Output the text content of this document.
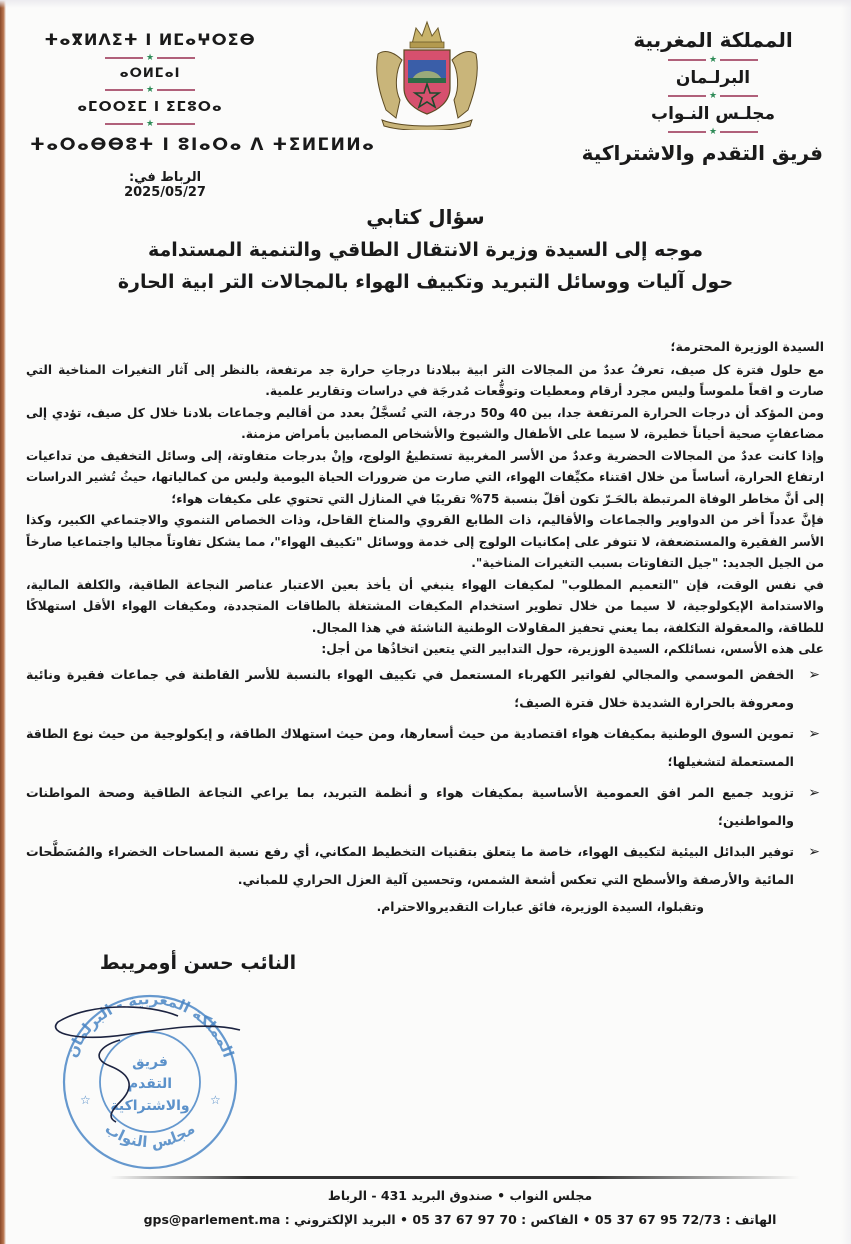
المملكة المغربية
★
البرلـمان
★
مجلـس النـواب
★
فريق التقدم والاشتراكية
ⵜⴰⴳⵍⴷⵉⵜ ⵏ ⵍⵎⴰⵖⵔⵉⴱ
★
ⴰⵔⵍⵎⴰⵏ
★
ⴰⵎⵔⵔⵉⵎ ⵏ ⵉⵎⵓⵔⴰ
★
ⵜⴰⵔⴰⴱⴱⵓⵜ ⵏ ⵓⵏⴰⵔⴰ ⴷ ⵜⵉⵍⵎⵍⵍⴰ
الرباط في: 2025/05/27
سؤال كتابي
موجه إلى السيدة وزيرة الانتقال الطاقي والتنمية المستدامة
حول آليات ووسائل التبريد وتكييف الهواء بالمجالات التر ابية الحارة

السيدة الوزيرة المحترمة؛

مع حلول فترة كل صيف، تعرفُ عددٌ من المجالات التر ابية ببلادنا درجاتِ حرارة جد مرتفعة، بالنظر إلى آثار التغيرات المناخية التي صارت و اقعاً ملموساً وليس مجرد أرقام ومعطيات وتوقُّعات مُدرجَة في دراسات وتقارير علمية.

ومن المؤكد أن درجات الحرارة المرتفعة جدا، بين 40 و50 درجة، التي تُسجَّلُ بعدد من أقاليم وجماعات بلادنا خلال كل صيف، تؤدي إلى مضاعفاتٍ صحية أحياناً خطيرة، لا سيما على الأطفال والشيوخ والأشخاص المصابين بأمراض مزمنة.

وإذا كانت عددٌ من المجالات الحضرية وعددٌ من الأسر المغربية تستطيعُ الولوج، وإنْ بدرجات متفاوتة، إلى وسائل التخفيف من تداعيات ارتفاع الحرارة، أساساً من خلال اقتناء مكيِّفات الهواء، التي صارت من ضرورات الحياة اليومية وليس من كمالياتها، حيثُ تُشير الدراسات إلى أنَّ مخاطر الوفاة المرتبطة بالحَـرّ تكون أقلّ بنسبة 75% تقريبًا في المنازل التي تحتوي على مكيفات هواء؛

فإنَّ عدداً أخر من الدواوير والجماعات والأقاليم، ذات الطابع القروي والمناخ القاحل، وذات الخصاص التنموي والاجتماعي الكبير، وكذا الأسر الفقيرة والمستضعفة، لا تتوفر على إمكانيات الولوج إلى خدمة ووسائل "تكييف الهواء"، مما يشكل تفاوتاً مجاليا واجتماعيا صارخاً من الجيل الجديد: "جيل التفاوتات بسبب التغيرات المناخية".

في نفس الوقت، فإن "التعميم المطلوب" لمكيفات الهواء ينبغي أن يأخذ بعين الاعتبار عناصر النجاعة الطاقية، والكلفة المالية، والاستدامة الإيكولوجية، لا سيما من خلال تطوير استخدام المكيفات المشتغلة بالطاقات المتجددة، ومكيفات الهواء الأقل استهلاكًا للطاقة، والمعقولة التكلفة، بما يعني تحفيز المقاولات الوطنية الناشئة في هذا المجال.

على هذه الأسس، نسائلكم، السيدة الوزيرة، حول التدابير التي يتعين اتخاذُها من أجل:

➢
الخفض الموسمي والمجالي لفواتير الكهرباء المستعمل في تكييف الهواء بالنسبة للأسر القاطنة في جماعات فقيرة ونائية ومعروفة بالحرارة الشديدة خلال فترة الصيف؛
➢
تموين السوق الوطنية بمكيفات هواء اقتصادية من حيث أسعارها، ومن حيث استهلاك الطاقة، و إيكولوجية من حيث نوع الطاقة المستعملة لتشغيلها؛
➢
تزويد جميع المر افق العمومية الأساسية بمكيفات هواء و أنظمة التبريد، بما يراعي النجاعة الطاقية وصحة المواطنات والمواطنين؛
➢
توفير البدائل البيئية لتكييف الهواء، خاصة ما يتعلق بتقنيات التخطيط المكاني، أي رفع نسبة المساحات الخضراء والمُسَطَّحات المائية والأرصفة والأسطح التي تعكس أشعة الشمس، وتحسين آلية العزل الحراري للمباني.

وتقبلوا، السيدة الوزيرة، فائق عبارات التقديروالاحترام.

النائب حسن أومريبط
المملكة المغربية - البرلمان
مجلس النواب
فريق
التقدم
والاشتراكية
☆	☆
مجلس النواب • صندوق البريد 431 - الرباط
الهاتف : 05 37 67 95 72/73 • الفاكس : 05 37 67 97 70 • البريد الإلكتروني : gps@parlement.ma
